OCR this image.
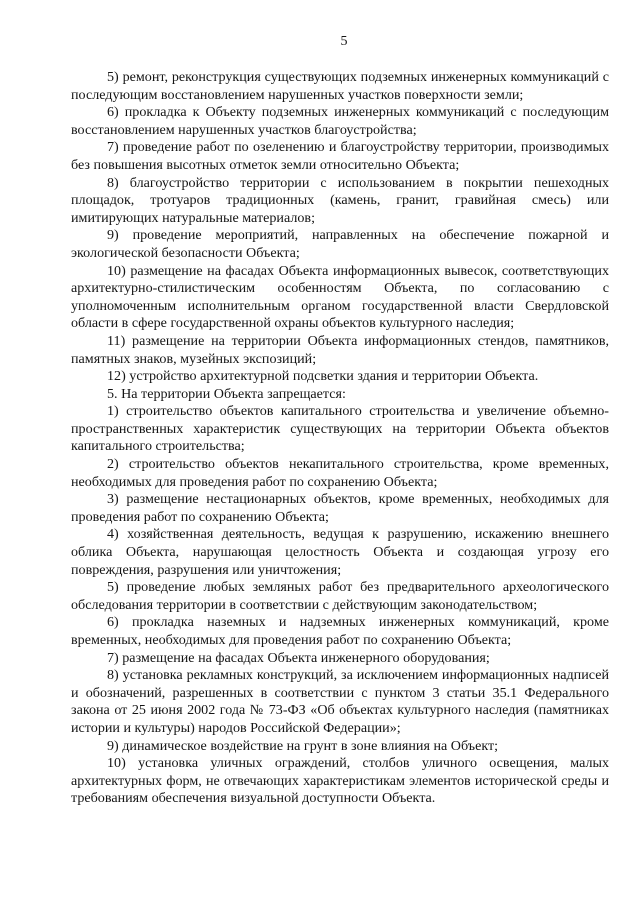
5

5) ремонт, реконструкция существующих подземных инженерных коммуникаций с последующим восстановлением нарушенных участков поверхности земли;

6) прокладка к Объекту подземных инженерных коммуникаций с последующим восстановлением нарушенных участков благоустройства;

7) проведение работ по озеленению и благоустройству территории, производимых без повышения высотных отметок земли относительно Объекта;

8) благоустройство территории с использованием в покрытии пешеходных площадок, тротуаров традиционных (камень, гранит, гравийная смесь) или имитирующих натуральные материалов;

9) проведение мероприятий, направленных на обеспечение пожарной и экологической безопасности Объекта;

10) размещение на фасадах Объекта информационных вывесок, соответствующих архитектурно-стилистическим особенностям Объекта, по согласованию с уполномоченным исполнительным органом государственной власти Свердловской области в сфере государственной охраны объектов культурного наследия;

11) размещение на территории Объекта информационных стендов, памятников, памятных знаков, музейных экспозиций;

12) устройство архитектурной подсветки здания и территории Объекта.

5. На территории Объекта запрещается:

1) строительство объектов капитального строительства и увеличение объемно-пространственных характеристик существующих на территории Объекта объектов капитального строительства;

2) строительство объектов некапитального строительства, кроме временных, необходимых для проведения работ по сохранению Объекта;

3) размещение нестационарных объектов, кроме временных, необходимых для проведения работ по сохранению Объекта;

4) хозяйственная деятельность, ведущая к разрушению, искажению внешнего облика Объекта, нарушающая целостность Объекта и создающая угрозу его повреждения, разрушения или уничтожения;

5) проведение любых земляных работ без предварительного археологического обследования территории в соответствии с действующим законодательством;

6) прокладка наземных и надземных инженерных коммуникаций, кроме временных, необходимых для проведения работ по сохранению Объекта;

7) размещение на фасадах Объекта инженерного оборудования;

8) установка рекламных конструкций, за исключением информационных надписей и обозначений, разрешенных в соответствии с пунктом 3 статьи 35.1 Федерального закона от 25 июня 2002 года № 73-ФЗ «Об объектах культурного наследия (памятниках истории и культуры) народов Российской Федерации»;

9) динамическое воздействие на грунт в зоне влияния на Объект;

10) установка уличных ограждений, столбов уличного освещения, малых архитектурных форм, не отвечающих характеристикам элементов исторической среды и требованиям обеспечения визуальной доступности Объекта.
